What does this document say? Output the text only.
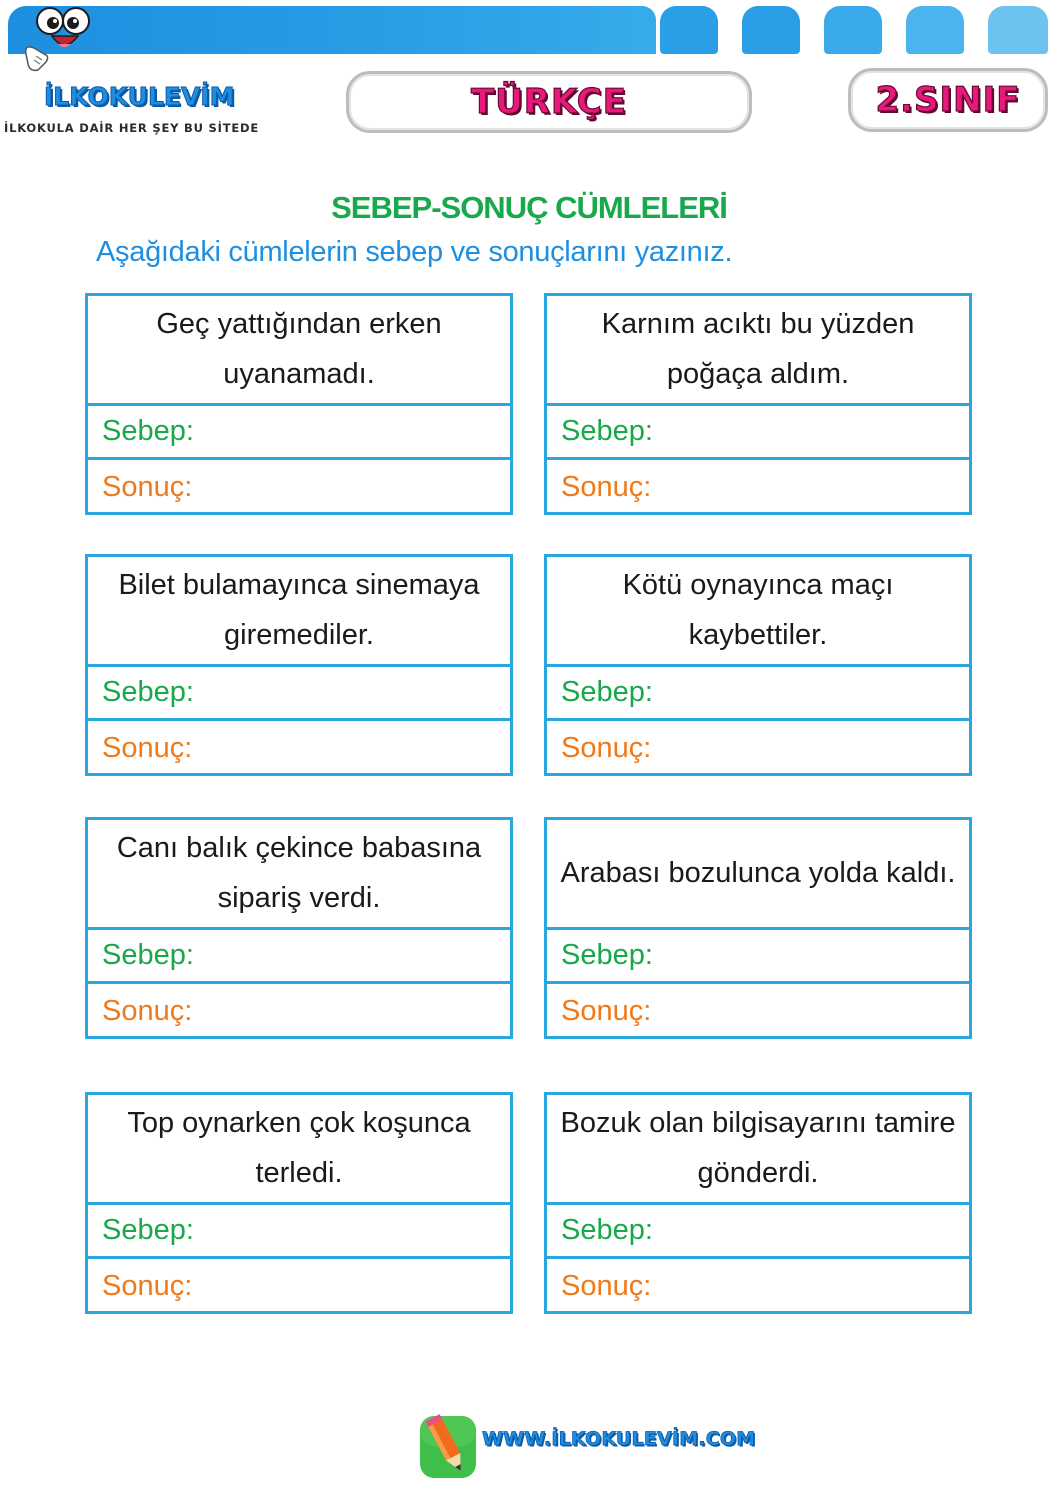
İLKOKULEVİM
İLKOKULA DAİR HER ŞEY BU SİTEDE
TÜRKÇE	2.SINIF
SEBEP-SONUÇ CÜMLELERİ
Aşağıdaki cümlelerin sebep ve sonuçlarını yazınız.
Geç yattığından erken uyanamadı.
Sebep:
Sonuç:
Karnım acıktı bu yüzden poğaça aldım.
Sebep:
Sonuç:
Bilet bulamayınca sinemaya giremediler.
Sebep:
Sonuç:
Kötü oynayınca maçı kaybettiler.
Sebep:
Sonuç:
Canı balık çekince babasına sipariş verdi.
Sebep:
Sonuç:
Arabası bozulunca yolda kaldı.
Sebep:
Sonuç:
Top oynarken çok koşunca terledi.
Sebep:
Sonuç:
Bozuk olan bilgisayarını tamire gönderdi.
Sebep:
Sonuç:
WWW.İLKOKULEVİM.COM
